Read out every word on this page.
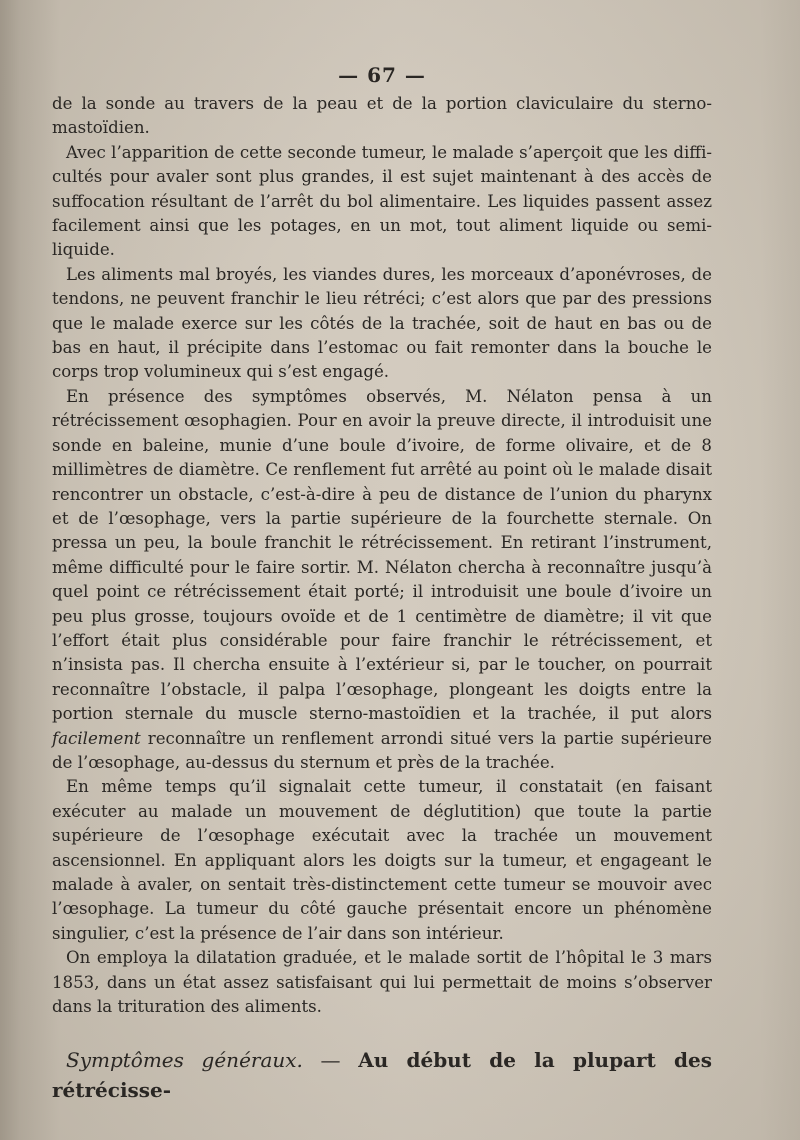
— 67 —

de la sonde au travers de la peau et de la portion claviculaire du sterno-mastoïdien.

Avec l’apparition de cette seconde tumeur, le malade s’aperçoit que les difficultés pour avaler sont plus grandes, il est sujet maintenant à des accès de suffocation résultant de l’arrêt du bol alimentaire. Les liquides passent assez facilement ainsi que les potages, en un mot, tout aliment liquide ou semi-liquide.

Les aliments mal broyés, les viandes dures, les morceaux d’aponévroses, de tendons, ne peuvent franchir le lieu rétréci; c’est alors que par des pressions que le malade exerce sur les côtés de la trachée, soit de haut en bas ou de bas en haut, il précipite dans l’estomac ou fait remonter dans la bouche le corps trop volumineux qui s’est engagé.

En présence des symptômes observés, M. Nélaton pensa à un rétrécissement œsophagien. Pour en avoir la preuve directe, il introduisit une sonde en baleine, munie d’une boule d’ivoire, de forme olivaire, et de 8 millimètres de diamètre. Ce renflement fut arrêté au point où le malade disait rencontrer un obstacle, c’est-à-dire à peu de distance de l’union du pharynx et de l’œsophage, vers la partie supérieure de la fourchette sternale. On pressa un peu, la boule franchit le rétrécissement. En retirant l’instrument, même difficulté pour le faire sortir. M. Nélaton chercha à reconnaître jusqu’à quel point ce rétrécissement était porté; il introduisit une boule d’ivoire un peu plus grosse, toujours ovoïde et de 1 centimètre de diamètre; il vit que l’effort était plus considérable pour faire franchir le rétrécissement, et n’insista pas. Il chercha ensuite à l’extérieur si, par le toucher, on pourrait reconnaître l’obstacle, il palpa l’œsophage, plongeant les doigts entre la portion sternale du muscle sterno-mastoïdien et la trachée, il put alors facilement reconnaître un renflement arrondi situé vers la partie supérieure de l’œsophage, au-dessus du sternum et près de la trachée.

En même temps qu’il signalait cette tumeur, il constatait (en faisant exécuter au malade un mouvement de déglutition) que toute la partie supérieure de l’œsophage exécutait avec la trachée un mouvement ascensionnel. En appliquant alors les doigts sur la tumeur, et engageant le malade à avaler, on sentait très-distinctement cette tumeur se mouvoir avec l’œsophage. La tumeur du côté gauche présentait encore un phénomène singulier, c’est la présence de l’air dans son intérieur.

On employa la dilatation graduée, et le malade sortit de l’hôpital le 3 mars 1853, dans un état assez satisfaisant qui lui permettait de moins s’observer dans la trituration des aliments.

Symptômes généraux. — Au début de la plupart des rétrécisse-
